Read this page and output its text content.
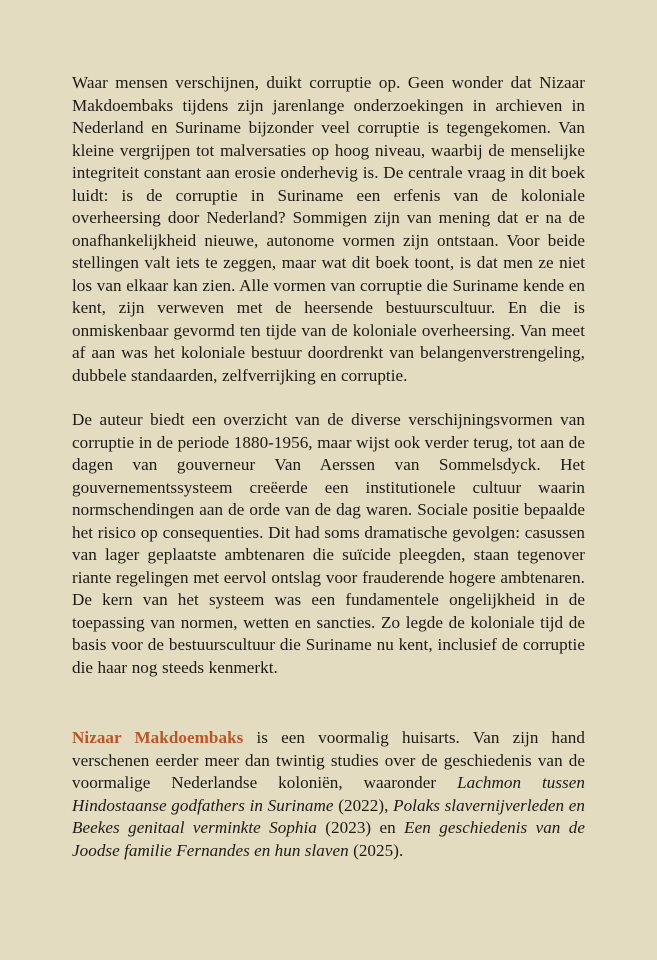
Waar mensen verschijnen, duikt corruptie op. Geen wonder dat Nizaar Makdoembaks tijdens zijn jarenlange onderzoekingen in archieven in Nederland en Suriname bijzonder veel corruptie is tegengekomen. Van kleine vergrijpen tot malversaties op hoog niveau, waarbij de menselijke integriteit constant aan erosie onderhevig is. De centrale vraag in dit boek luidt: is de corruptie in Suriname een erfenis van de koloniale overheersing door Nederland? Sommigen zijn van mening dat er na de onafhankelijkheid nieuwe, autonome vormen zijn ontstaan. Voor beide stellingen valt iets te zeggen, maar wat dit boek toont, is dat men ze niet los van elkaar kan zien. Alle vormen van corruptie die Suriname kende en kent, zijn verweven met de heersende bestuurscultuur. En die is onmiskenbaar gevormd ten tijde van de koloniale overheersing. Van meet af aan was het koloniale bestuur doordrenkt van belangenverstrengeling, dubbele standaarden, zelfverrijking en corruptie.

De auteur biedt een overzicht van de diverse verschijningsvormen van corruptie in de periode 1880-1956, maar wijst ook verder terug, tot aan de dagen van gouverneur Van Aerssen van Sommelsdyck. Het gouvernementssysteem creëerde een institutionele cultuur waarin normschendingen aan de orde van de dag waren. Sociale positie bepaalde het risico op consequenties. Dit had soms dramatische gevolgen: casussen van lager geplaatste ambtenaren die suïcide pleegden, staan tegenover riante regelingen met eervol ontslag voor frauderende hogere ambtenaren. De kern van het systeem was een fundamentele ongelijkheid in de toepassing van normen, wetten en sancties. Zo legde de koloniale tijd de basis voor de bestuurscultuur die Suriname nu kent, inclusief de corruptie die haar nog steeds kenmerkt.

Nizaar Makdoembaks is een voormalig huisarts. Van zijn hand verschenen eerder meer dan twintig studies over de geschiedenis van de voormalige Nederlandse koloniën, waaronder Lachmon tussen Hindostaanse godfathers in Suriname (2022), Polaks slavernijverleden en Beekes genitaal verminkte Sophia (2023) en Een geschiedenis van de Joodse familie Fernandes en hun slaven (2025).
